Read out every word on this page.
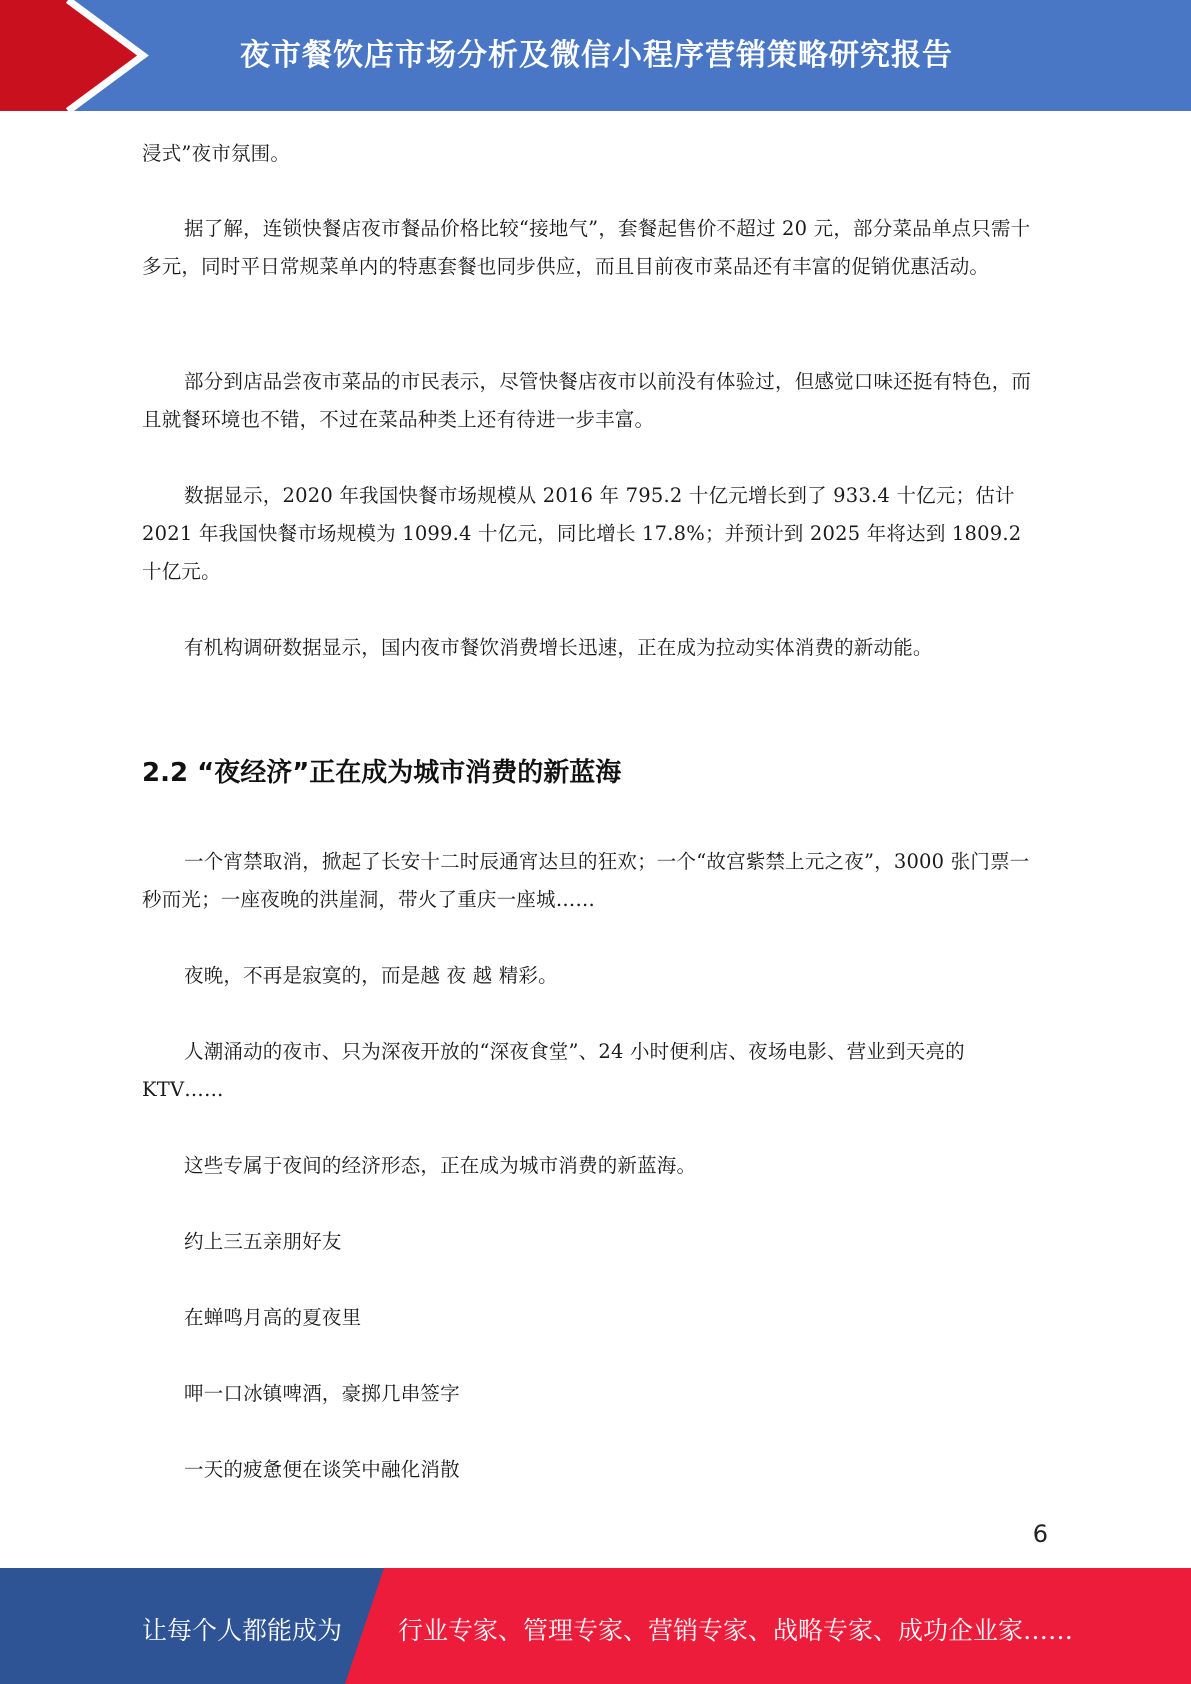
夜市餐饮店市场分析及微信小程序营销策略研究报告

浸式”夜市氛围。

据了解，连锁快餐店夜市餐品价格比较“接地气”，套餐起售价不超过 20 元，部分菜品单点只需十多元，同时平日常规菜单内的特惠套餐也同步供应，而且目前夜市菜品还有丰富的促销优惠活动。

部分到店品尝夜市菜品的市民表示，尽管快餐店夜市以前没有体验过，但感觉口味还挺有特色，而且就餐环境也不错，不过在菜品种类上还有待进一步丰富。

数据显示，2020 年我国快餐市场规模从 2016 年 795.2 十亿元增长到了 933.4 十亿元；估计 2021 年我国快餐市场规模为 1099.4 十亿元，同比增长 17.8%；并预计到 2025 年将达到 1809.2 十亿元。

有机构调研数据显示，国内夜市餐饮消费增长迅速，正在成为拉动实体消费的新动能。

2.2 “夜经济”正在成为城市消费的新蓝海

一个宵禁取消，掀起了长安十二时辰通宵达旦的狂欢；一个“故宫紫禁上元之夜”，3000 张门票一秒而光；一座夜晚的洪崖洞，带火了重庆一座城……

夜晚，不再是寂寞的，而是越 夜 越 精彩。

人潮涌动的夜市、只为深夜开放的“深夜食堂”、24 小时便利店、夜场电影、营业到天亮的 KTV……

这些专属于夜间的经济形态，正在成为城市消费的新蓝海。

约上三五亲朋好友

在蝉鸣月高的夏夜里

呷一口冰镇啤酒，豪掷几串签字

一天的疲惫便在谈笑中融化消散

6
让每个人都能成为 行业专家、管理专家、营销专家、战略专家、成功企业家……
